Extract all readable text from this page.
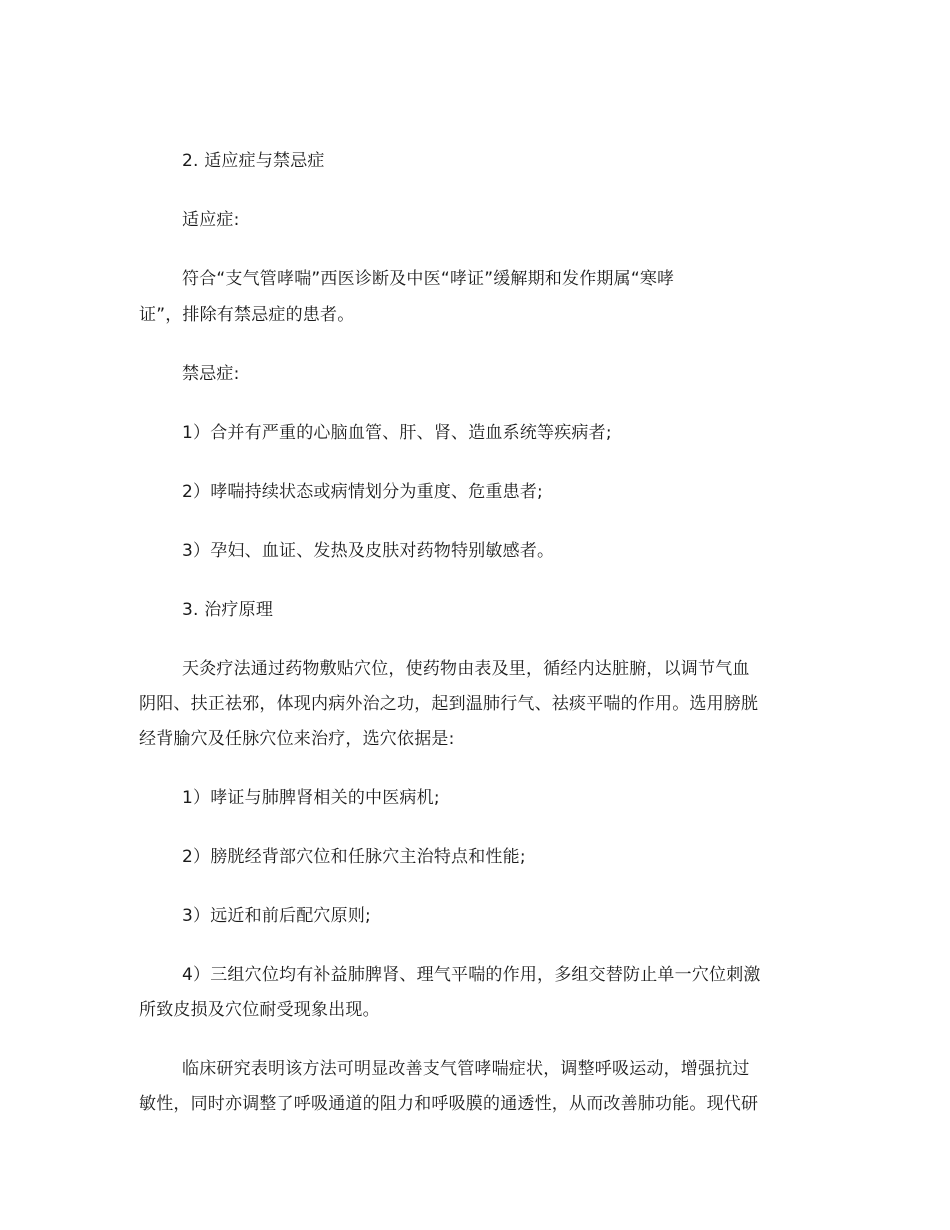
2. 适应症与禁忌症
适应症:
符合“支气管哮喘”西医诊断及中医“哮证”缓解期和发作期属“寒哮
证”，排除有禁忌症的患者。
禁忌症:
1）合并有严重的心脑血管、肝、肾、造血系统等疾病者;
2）哮喘持续状态或病情划分为重度、危重患者;
3）孕妇、血证、发热及皮肤对药物特别敏感者。
3. 治疗原理
天灸疗法通过药物敷贴穴位，使药物由表及里，循经内达脏腑，以调节气血
阴阳、扶正祛邪，体现内病外治之功，起到温肺行气、祛痰平喘的作用。选用膀胱
经背腧穴及任脉穴位来治疗，选穴依据是:
1）哮证与肺脾肾相关的中医病机;
2）膀胱经背部穴位和任脉穴主治特点和性能;
3）远近和前后配穴原则;
4）三组穴位均有补益肺脾肾、理气平喘的作用，多组交替防止单一穴位刺激
所致皮损及穴位耐受现象出现。
临床研究表明该方法可明显改善支气管哮喘症状，调整呼吸运动，增强抗过
敏性，同时亦调整了呼吸通道的阻力和呼吸膜的通透性，从而改善肺功能。现代研
